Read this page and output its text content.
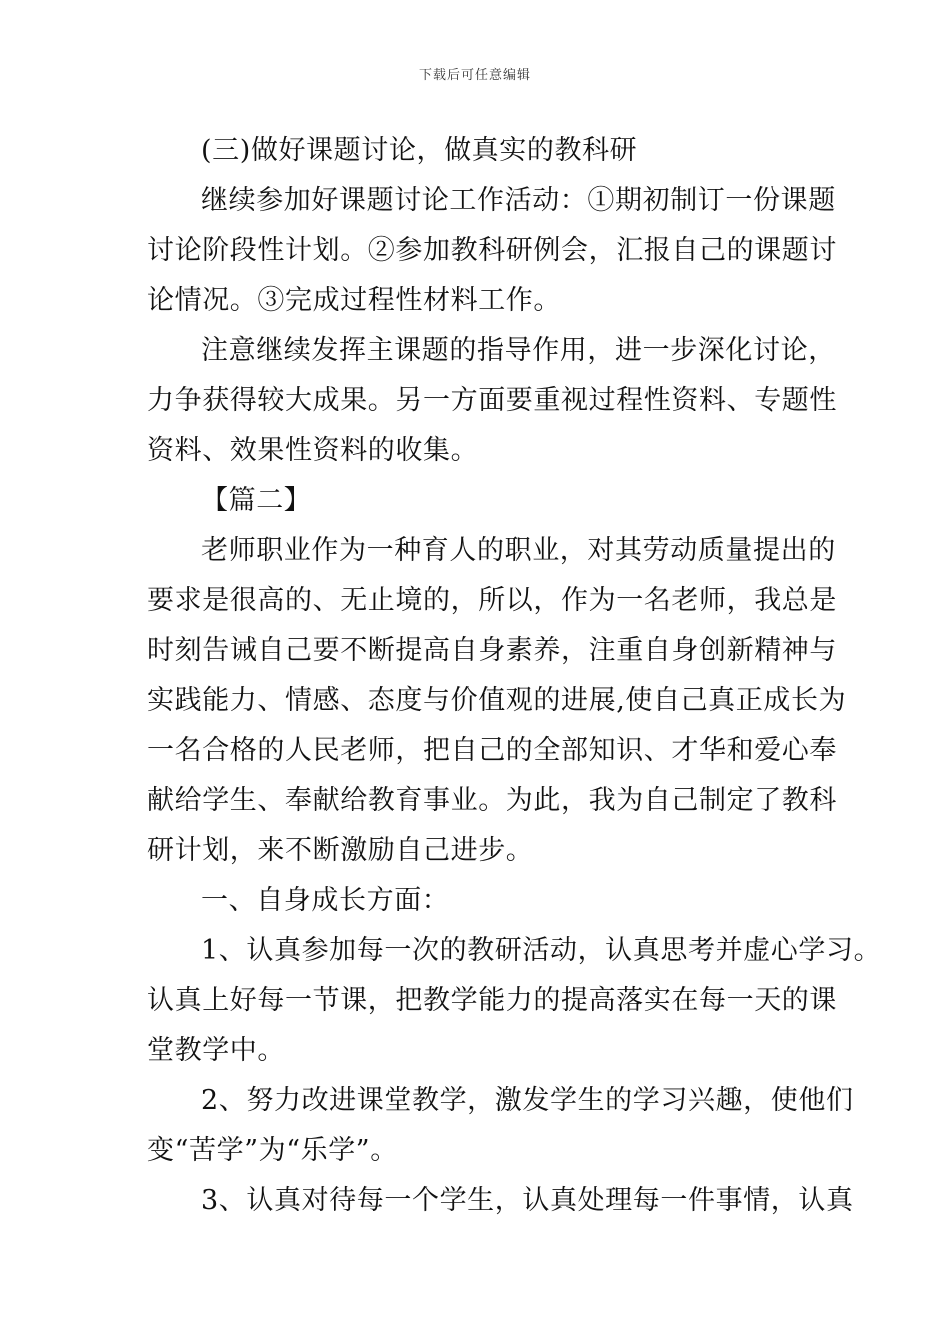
下载后可任意编辑

(三)做好课题讨论，做真实的教科研

继续参加好课题讨论工作活动：①期初制订一份课题
讨论阶段性计划。②参加教科研例会，汇报自己的课题讨
论情况。③完成过程性材料工作。

注意继续发挥主课题的指导作用，进一步深化讨论，
力争获得较大成果。另一方面要重视过程性资料、专题性
资料、效果性资料的收集。

【篇二】

老师职业作为一种育人的职业，对其劳动质量提出的
要求是很高的、无止境的，所以，作为一名老师，我总是
时刻告诫自己要不断提高自身素养，注重自身创新精神与
实践能力、情感、态度与价值观的进展,使自己真正成长为
一名合格的人民老师，把自己的全部知识、才华和爱心奉
献给学生、奉献给教育事业。为此，我为自己制定了教科
研计划，来不断激励自己进步。

一、自身成长方面：

1、认真参加每一次的教研活动，认真思考并虚心学习。
认真上好每一节课，把教学能力的提高落实在每一天的课
堂教学中。

2、努力改进课堂教学，激发学生的学习兴趣，使他们
变“苦学”为“乐学”。

3、认真对待每一个学生，认真处理每一件事情，认真
